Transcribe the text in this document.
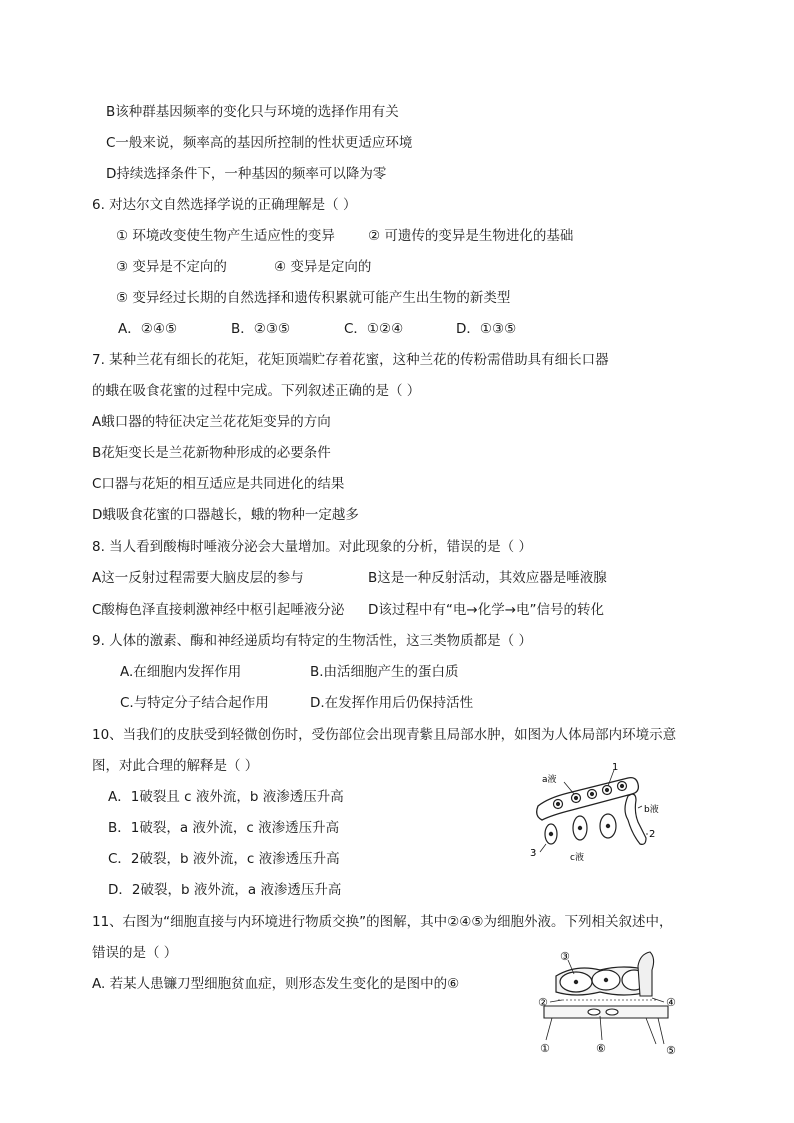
B该种群基因频率的变化只与环境的选择作用有关
C一般来说，频率高的基因所控制的性状更适应环境
D持续选择条件下，一种基因的频率可以降为零
6. 对达尔文自然选择学说的正确理解是（ ）
① 环境改变使生物产生适应性的变异 ② 可遗传的变异是生物进化的基础
③ 变异是不定向的	④ 变异是定向的
⑤ 变异经过长期的自然选择和遗传积累就可能产生出生物的新类型
A．②④⑤	B．②③⑤	C．①②④	D．①③⑤
7. 某种兰花有细长的花矩，花矩顶端贮存着花蜜，这种兰花的传粉需借助具有细长口器
的蛾在吸食花蜜的过程中完成。下列叙述正确的是（ ）
A蛾口器的特征决定兰花花矩变异的方向
B花矩变长是兰花新物种形成的必要条件
C口器与花矩的相互适应是共同进化的结果
D蛾吸食花蜜的口器越长，蛾的物种一定越多
8. 当人看到酸梅时唾液分泌会大量增加。对此现象的分析，错误的是（ ）
A这一反射过程需要大脑皮层的参与	B这是一种反射活动，其效应器是唾液腺
C酸梅色泽直接刺激神经中枢引起唾液分泌 D该过程中有“电→化学→电”信号的转化
9. 人体的激素、酶和神经递质均有特定的生物活性，这三类物质都是（ ）
A.在细胞内发挥作用	B.由活细胞产生的蛋白质
C.与特定分子结合起作用	D.在发挥作用后仍保持活性
10、当我们的皮肤受到轻微创伤时，受伤部位会出现青紫且局部水肿，如图为人体局部内环境示意
图，对此合理的解释是（ ）
A．1破裂且 c 液外流，b 液渗透压升高
B．1破裂，a 液外流，c 液渗透压升高
C．2破裂，b 液外流，c 液渗透压升高
D．2破裂，b 液外流，a 液渗透压升高
1
a液
b液
2
3	c液
11、右图为“细胞直接与内环境进行物质交换”的图解，其中②④⑤为细胞外液。下列相关叙述中，
错误的是（ ）
A. 若某人患镰刀型细胞贫血症，则形态发生变化的是图中的⑥
③
②	④
①	⑥	⑤
